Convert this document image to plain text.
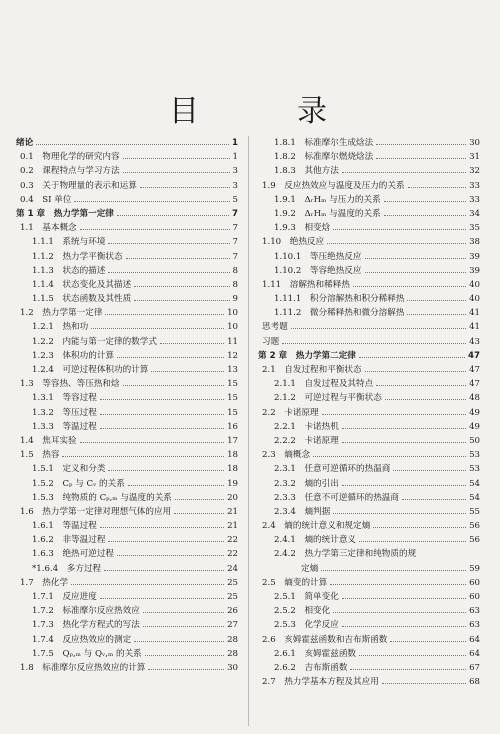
目　录
绪论	1
0.1　物理化学的研究内容	1
0.2　课程特点与学习方法	3
0.3　关于物理量的表示和运算	3
0.4　SI 单位	5
第 1 章　热力学第一定律	7
1.1　基本概念	7
1.1.1　系统与环境	7
1.1.2　热力学平衡状态	7
1.1.3　状态的描述	8
1.1.4　状态变化及其描述	8
1.1.5　状态函数及其性质	9
1.2　热力学第一定律	10
1.2.1　热和功	10
1.2.2　内能与第一定律的数学式	11
1.2.3　体积功的计算	12
1.2.4　可逆过程体积功的计算	13
1.3　等容热、等压热和焓	15
1.3.1　等容过程	15
1.3.2　等压过程	15
1.3.3　等温过程	16
1.4　焦耳实验	17
1.5　热容	18
1.5.1　定义和分类	18
1.5.2　Cₚ 与 Cᵥ 的关系	19
1.5.3　纯物质的 Cₚ,ₘ 与温度的关系	20
1.6　热力学第一定律对理想气体的应用	21
1.6.1　等温过程	21
1.6.2　非等温过程	22
1.6.3　绝热可逆过程	22
*1.6.4　多方过程	24
1.7　热化学	25
1.7.1　反应进度	25
1.7.2　标准摩尔反应热效应	26
1.7.3　热化学方程式的写法	27
1.7.4　反应热效应的测定	28
1.7.5　Qₚ,ₘ 与 Qᵥ,ₘ 的关系	28
1.8　标准摩尔反应热效应的计算	30
1.8.1　标准摩尔生成焓法	30
1.8.2　标准摩尔燃烧焓法	31
1.8.3　其他方法	32
1.9　反应热效应与温度及压力的关系	33
1.9.1　ΔᵣHₘ 与压力的关系	33
1.9.2　ΔᵣHₘ 与温度的关系	34
1.9.3　相变焓	35
1.10　绝热反应	38
1.10.1　等压绝热反应	39
1.10.2　等容绝热反应	39
1.11　溶解热和稀释热	40
1.11.1　积分溶解热和积分稀释热	40
1.11.2　微分稀释热和微分溶解热	41
思考题	41
习题	43
第 2 章　热力学第二定律	47
2.1　自发过程和平衡状态	47
2.1.1　自发过程及其特点	47
2.1.2　可逆过程与平衡状态	48
2.2　卡诺原理	49
2.2.1　卡诺热机	49
2.2.2　卡诺原理	50
2.3　熵概念	53
2.3.1　任意可逆循环的热温商	53
2.3.2　熵的引出	54
2.3.3　任意不可逆循环的热温商	54
2.3.4　熵判据	55
2.4　熵的统计意义和规定熵	56
2.4.1　熵的统计意义	56
2.4.2　热力学第三定律和纯物质的规
定熵	59
2.5　熵变的计算	60
2.5.1　简单变化	60
2.5.2　相变化	63
2.5.3　化学反应	63
2.6　亥姆霍兹函数和吉布斯函数	64
2.6.1　亥姆霍兹函数	64
2.6.2　吉布斯函数	67
2.7　热力学基本方程及其应用	68
